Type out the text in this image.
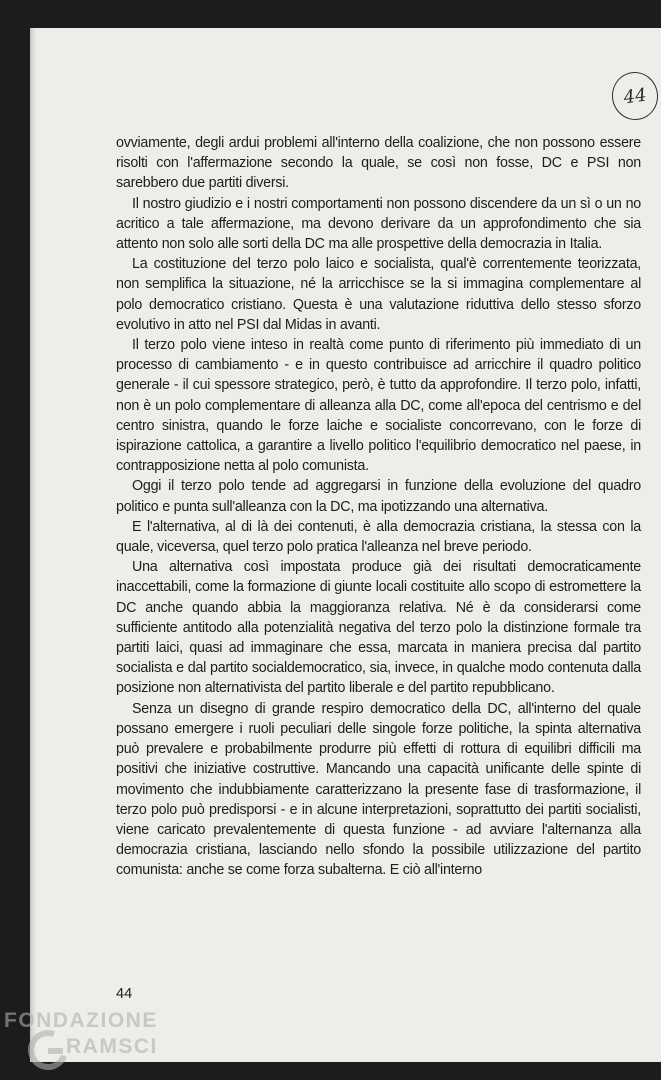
44

ovviamente, degli ardui problemi all'interno della coalizione, che non possono essere risolti con l'affermazione secondo la quale, se così non fosse, DC e PSI non sarebbero due partiti diversi.

Il nostro giudizio e i nostri comportamenti non possono discendere da un sì o un no acritico a tale affermazione, ma devono derivare da un approfondimento che sia attento non solo alle sorti della DC ma alle prospettive della democrazia in Italia.

La costituzione del terzo polo laico e socialista, qual'è correntemente teorizzata, non semplifica la situazione, né la arricchisce se la si immagina complementare al polo democratico cristiano. Questa è una valutazione riduttiva dello stesso sforzo evolutivo in atto nel PSI dal Midas in avanti.

Il terzo polo viene inteso in realtà come punto di riferimento più immediato di un processo di cambiamento - e in questo contribuisce ad arricchire il quadro politico generale - il cui spessore strategico, però, è tutto da approfondire. Il terzo polo, infatti, non è un polo complementare di alleanza alla DC, come all'epoca del centrismo e del centro sinistra, quando le forze laiche e socialiste concorrevano, con le forze di ispirazione cattolica, a garantire a livello politico l'equilibrio democratico nel paese, in contrapposizione netta al polo comunista.

Oggi il terzo polo tende ad aggregarsi in funzione della evoluzione del quadro politico e punta sull'alleanza con la DC, ma ipotizzando una alternativa.

E l'alternativa, al di là dei contenuti, è alla democrazia cristiana, la stessa con la quale, viceversa, quel terzo polo pratica l'alleanza nel breve periodo.

Una alternativa così impostata produce già dei risultati democraticamente inaccettabili, come la formazione di giunte locali costituite allo scopo di estromettere la DC anche quando abbia la maggioranza relativa. Né è da considerarsi come sufficiente antitodo alla potenzialità negativa del terzo polo la distinzione formale tra partiti laici, quasi ad immaginare che essa, marcata in maniera precisa dal partito socialista e dal partito socialdemocratico, sia, invece, in qualche modo contenuta dalla posizione non alternativista del partito liberale e del partito repubblicano.

Senza un disegno di grande respiro democratico della DC, all'interno del quale possano emergere i ruoli peculiari delle singole forze politiche, la spinta alternativa può prevalere e probabilmente produrre più effetti di rottura di equilibri difficili ma positivi che iniziative costruttive. Mancando una capacità unificante delle spinte di movimento che indubbiamente caratterizzano la presente fase di trasformazione, il terzo polo può predisporsi - e in alcune interpretazioni, soprattutto dei partiti socialisti, viene caricato prevalentemente di questa funzione - ad avviare l'alternanza alla democrazia cristiana, lasciando nello sfondo la possibile utilizzazione del partito comunista: anche se come forza subalterna. E ciò all'interno

44
FONDAZIONE
RAMSCI
